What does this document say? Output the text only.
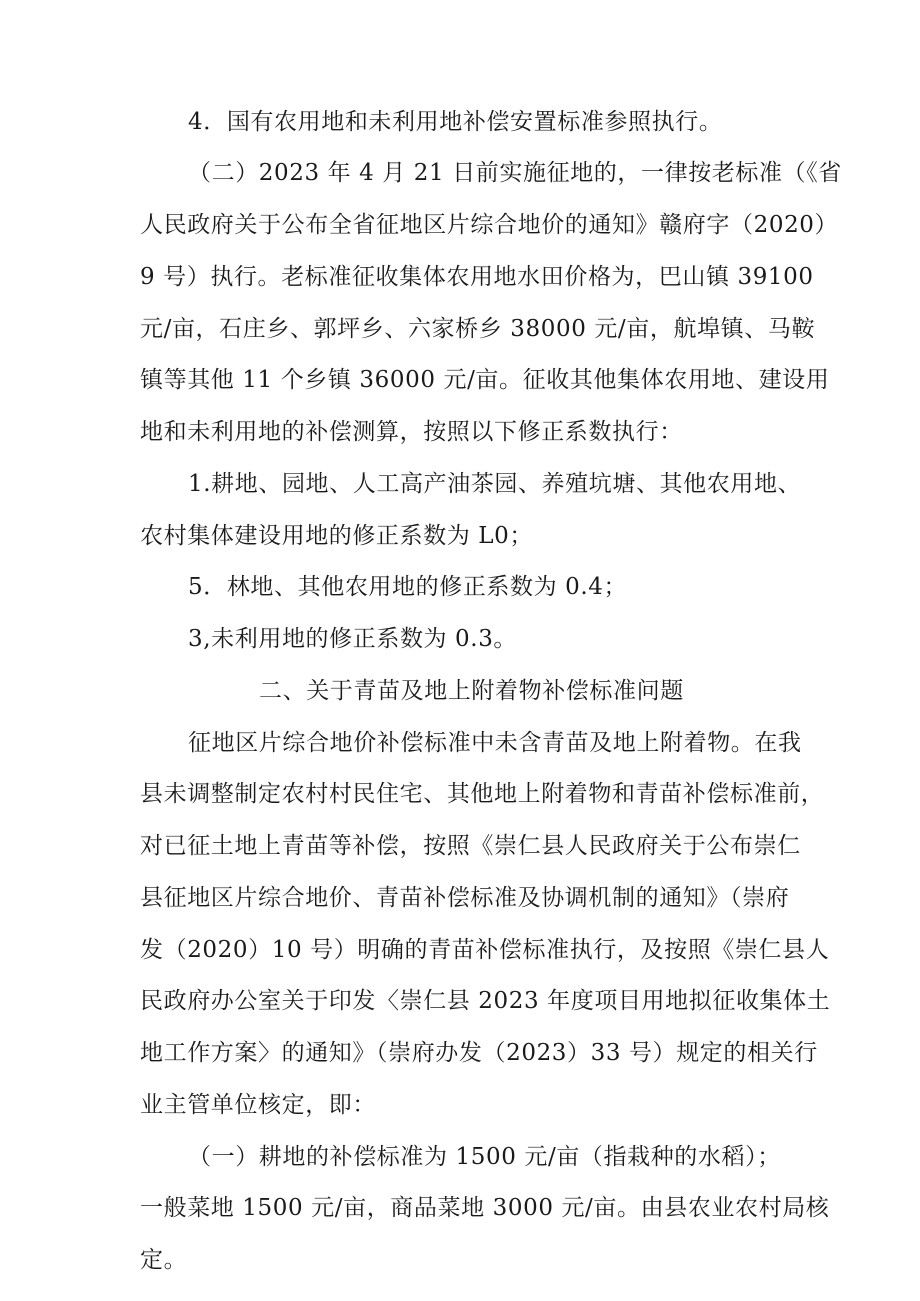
4．国有农用地和未利用地补偿安置标准参照执行。
（二）2023 年 4 月 21 日前实施征地的，一律按老标准（《省
人民政府关于公布全省征地区片综合地价的通知》赣府字（2020）
9 号）执行。老标准征收集体农用地水田价格为，巴山镇 39100
元/亩，石庄乡、郭坪乡、六家桥乡 38000 元/亩，航埠镇、马鞍
镇等其他 11 个乡镇 36000 元/亩。征收其他集体农用地、建设用
地和未利用地的补偿测算，按照以下修正系数执行：
1.耕地、园地、人工高产油茶园、养殖坑塘、其他农用地、
农村集体建设用地的修正系数为 L0；
5．林地、其他农用地的修正系数为 0.4；
3,未利用地的修正系数为 0.3。
二、关于青苗及地上附着物补偿标准问题
征地区片综合地价补偿标准中未含青苗及地上附着物。在我
县未调整制定农村村民住宅、其他地上附着物和青苗补偿标准前，
对已征土地上青苗等补偿，按照《崇仁县人民政府关于公布崇仁
县征地区片综合地价、青苗补偿标准及协调机制的通知》（崇府
发（2020）10 号）明确的青苗补偿标准执行，及按照《崇仁县人
民政府办公室关于印发〈崇仁县 2023 年度项目用地拟征收集体土
地工作方案〉的通知》（崇府办发（2023）33 号）规定的相关行
业主管单位核定，即：
（一）耕地的补偿标准为 1500 元/亩（指栽种的水稻）；
一般菜地 1500 元/亩，商品菜地 3000 元/亩。由县农业农村局核
定。
